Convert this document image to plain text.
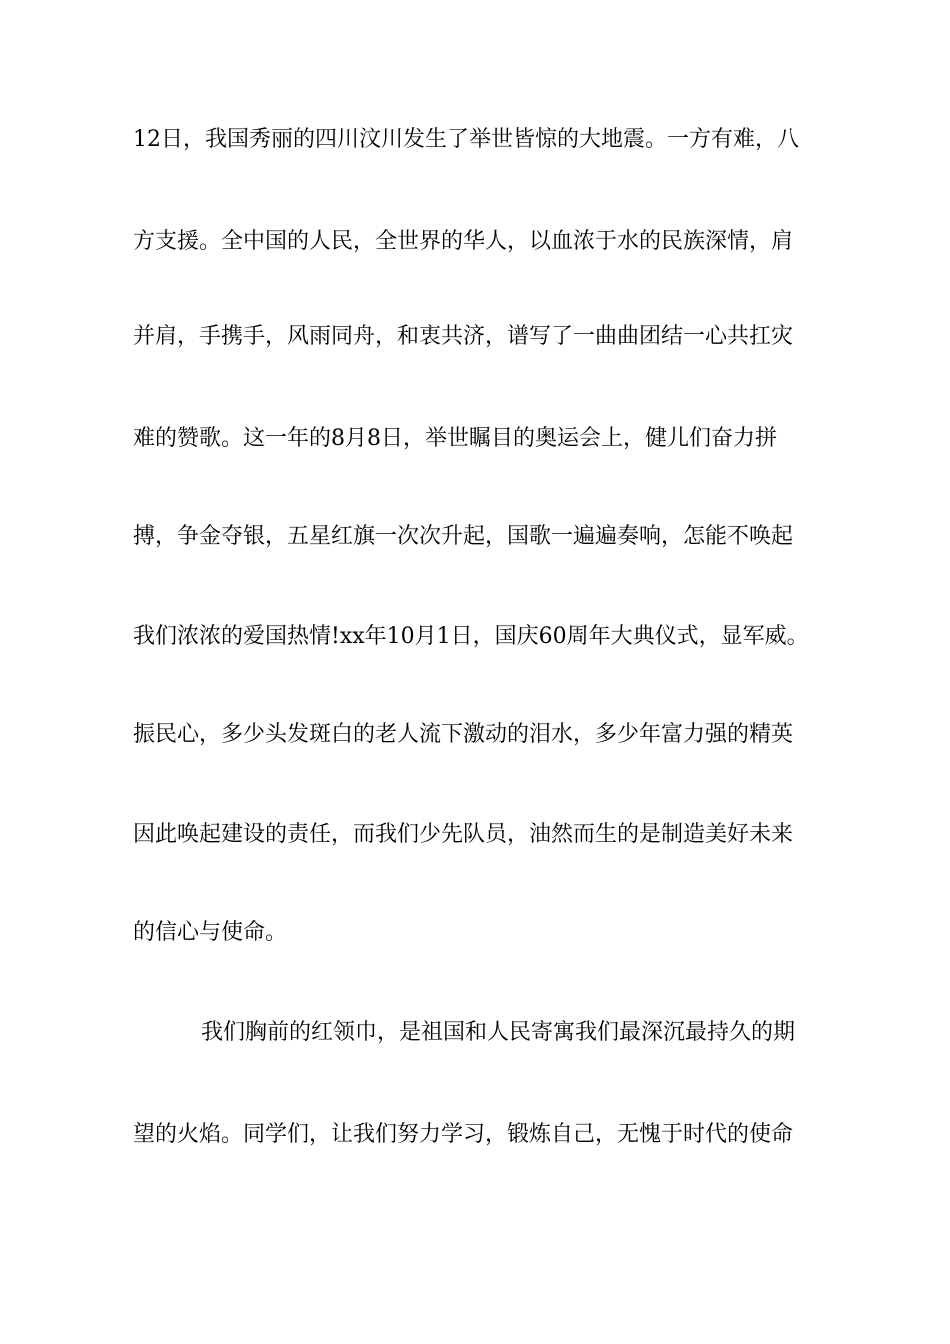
12日，我国秀丽的四川汶川发生了举世皆惊的大地震。一方有难，八
方支援。全中国的人民，全世界的华人，以血浓于水的民族深情，肩
并肩，手携手，风雨同舟，和衷共济，谱写了一曲曲团结一心共扛灾
难的赞歌。这一年的8月8日，举世瞩目的奥运会上，健儿们奋力拼
搏，争金夺银，五星红旗一次次升起，国歌一遍遍奏响，怎能不唤起
我们浓浓的爱国热情!xx年10月1日，国庆60周年大典仪式，显军威。
振民心，多少头发斑白的老人流下激动的泪水，多少年富力强的精英
因此唤起建设的责任，而我们少先队员，油然而生的是制造美好未来
的信心与使命。
我们胸前的红领巾，是祖国和人民寄寓我们最深沉最持久的期
望的火焰。同学们，让我们努力学习，锻炼自己，无愧于时代的使命
